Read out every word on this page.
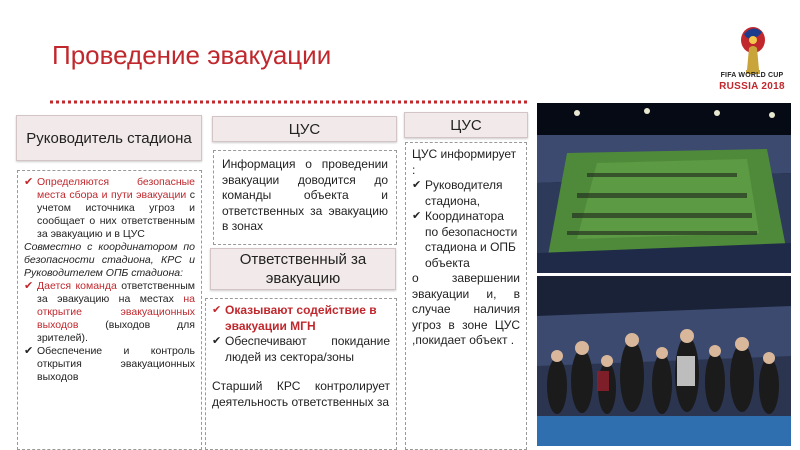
Проведение эвакуации
FIFA WORLD CUP
RUSSIA 2018
Руководитель стадиона
ЦУС	ЦУС
Ответственный за эвакуацию
✔ Определяются безопасные места сбора и пути эвакуации с учетом источника угроз и сообщает о них ответственным за эвакуацию и в ЦУС
Совместно с координатором по безопасности стадиона, КРС и Руководителем ОПБ стадиона:
✔ Дается команда ответственным за эвакуацию на местах на открытие эвакуационных выходов (выходов для зрителей).
✔ Обеспечение и контроль открытия эвакуационных выходов
Информация о проведении эвакуации доводится до команды объекта и ответственных за эвакуацию в зонах
✔ Оказывают содействие в эвакуации МГН
✔ Обеспечивают покидание людей из сектора/зоны
Старший КРС контролирует деятельность ответственных за
ЦУС информирует :
✔ Руководителя стадиона,
✔ Координатора по безопасности стадиона и ОПБ объекта
о завершении эвакуации и, в случае наличия угроз в зоне ЦУС ,покидает объект .
